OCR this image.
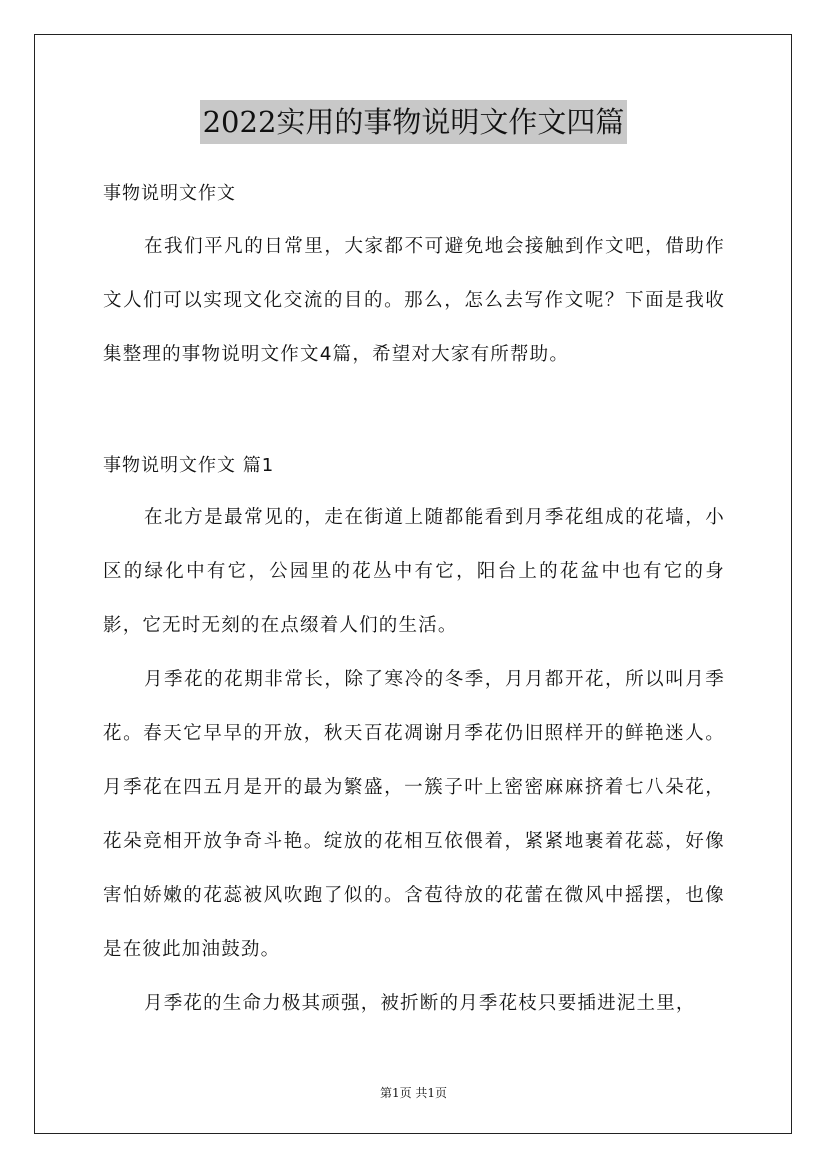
2022实用的事物说明文作文四篇
事物说明文作文
在我们平凡的日常里，大家都不可避免地会接触到作文吧，借助作文人们可以实现文化交流的目的。那么，怎么去写作文呢？下面是我收集整理的事物说明文作文4篇，希望对大家有所帮助。
事物说明文作文 篇1
在北方是最常见的，走在街道上随都能看到月季花组成的花墙，小区的绿化中有它，公园里的花丛中有它，阳台上的花盆中也有它的身影，它无时无刻的在点缀着人们的生活。
月季花的花期非常长，除了寒冷的冬季，月月都开花，所以叫月季花。春天它早早的开放，秋天百花凋谢月季花仍旧照样开的鲜艳迷人。月季花在四五月是开的最为繁盛，一簇子叶上密密麻麻挤着七八朵花，花朵竞相开放争奇斗艳。绽放的花相互依偎着，紧紧地裹着花蕊，好像害怕娇嫩的花蕊被风吹跑了似的。含苞待放的花蕾在微风中摇摆，也像是在彼此加油鼓劲。
月季花的生命力极其顽强，被折断的月季花枝只要插进泥土里，
第1页 共1页
